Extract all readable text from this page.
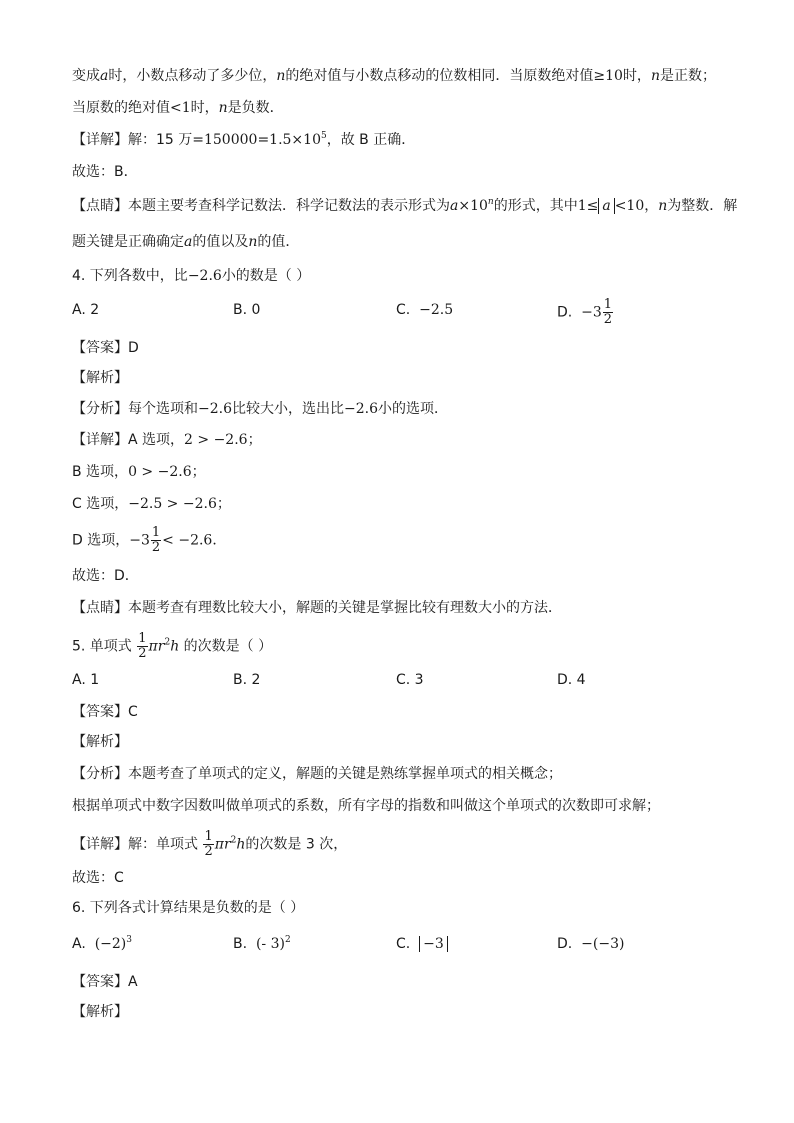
变成a时，小数点移动了多少位，n的绝对值与小数点移动的位数相同．当原数绝对值≥10时，n是正数；
当原数的绝对值<1时，n是负数．
【详解】解：15 万$=150000=1.5\times 10^5$，故 B 正确．
故选：B．
【点睛】本题主要考查科学记数法．科学记数法的表示形式为$a\times 10^n$的形式，其中1≤ a <10，n为整数．解
题关键是正确确定a的值以及n的值．
4. 下列各数中，比−2.6小的数是（ ）
A. 2	B. 0	C. −2.5	D. $-3 \frac{1}{2}$
【答案】D
【解析】
【分析】每个选项和−2.6比较大小，选出比−2.6小的选项．
【详解】A 选项，2 > −2.6；
B 选项，0 > −2.6；
C 选项，−2.5 > −2.6；
D 选项，$-3 \frac{1}{2} < -2.6$．
故选：D．
【点睛】本题考查有理数比较大小，解题的关键是掌握比较有理数大小的方法．
5. 单项式 $\frac{1}{2} \pi r^2h$ 的次数是（ ）
A. 1	B. 2	C. 3	D. 4
【答案】C
【解析】
【分析】本题考查了单项式的定义，解题的关键是熟练掌握单项式的相关概念；
根据单项式中数字因数叫做单项式的系数，所有字母的指数和叫做这个单项式的次数即可求解；
【详解】解：单项式 $\frac{1}{2} \pi r^2h$的次数是 3 次，
故选：C
6. 下列各式计算结果是负数的是（ ）
A. $(-2)^3$	B. (- 3)$^2$	C. −3	D. −(−3)
【答案】A
【解析】
